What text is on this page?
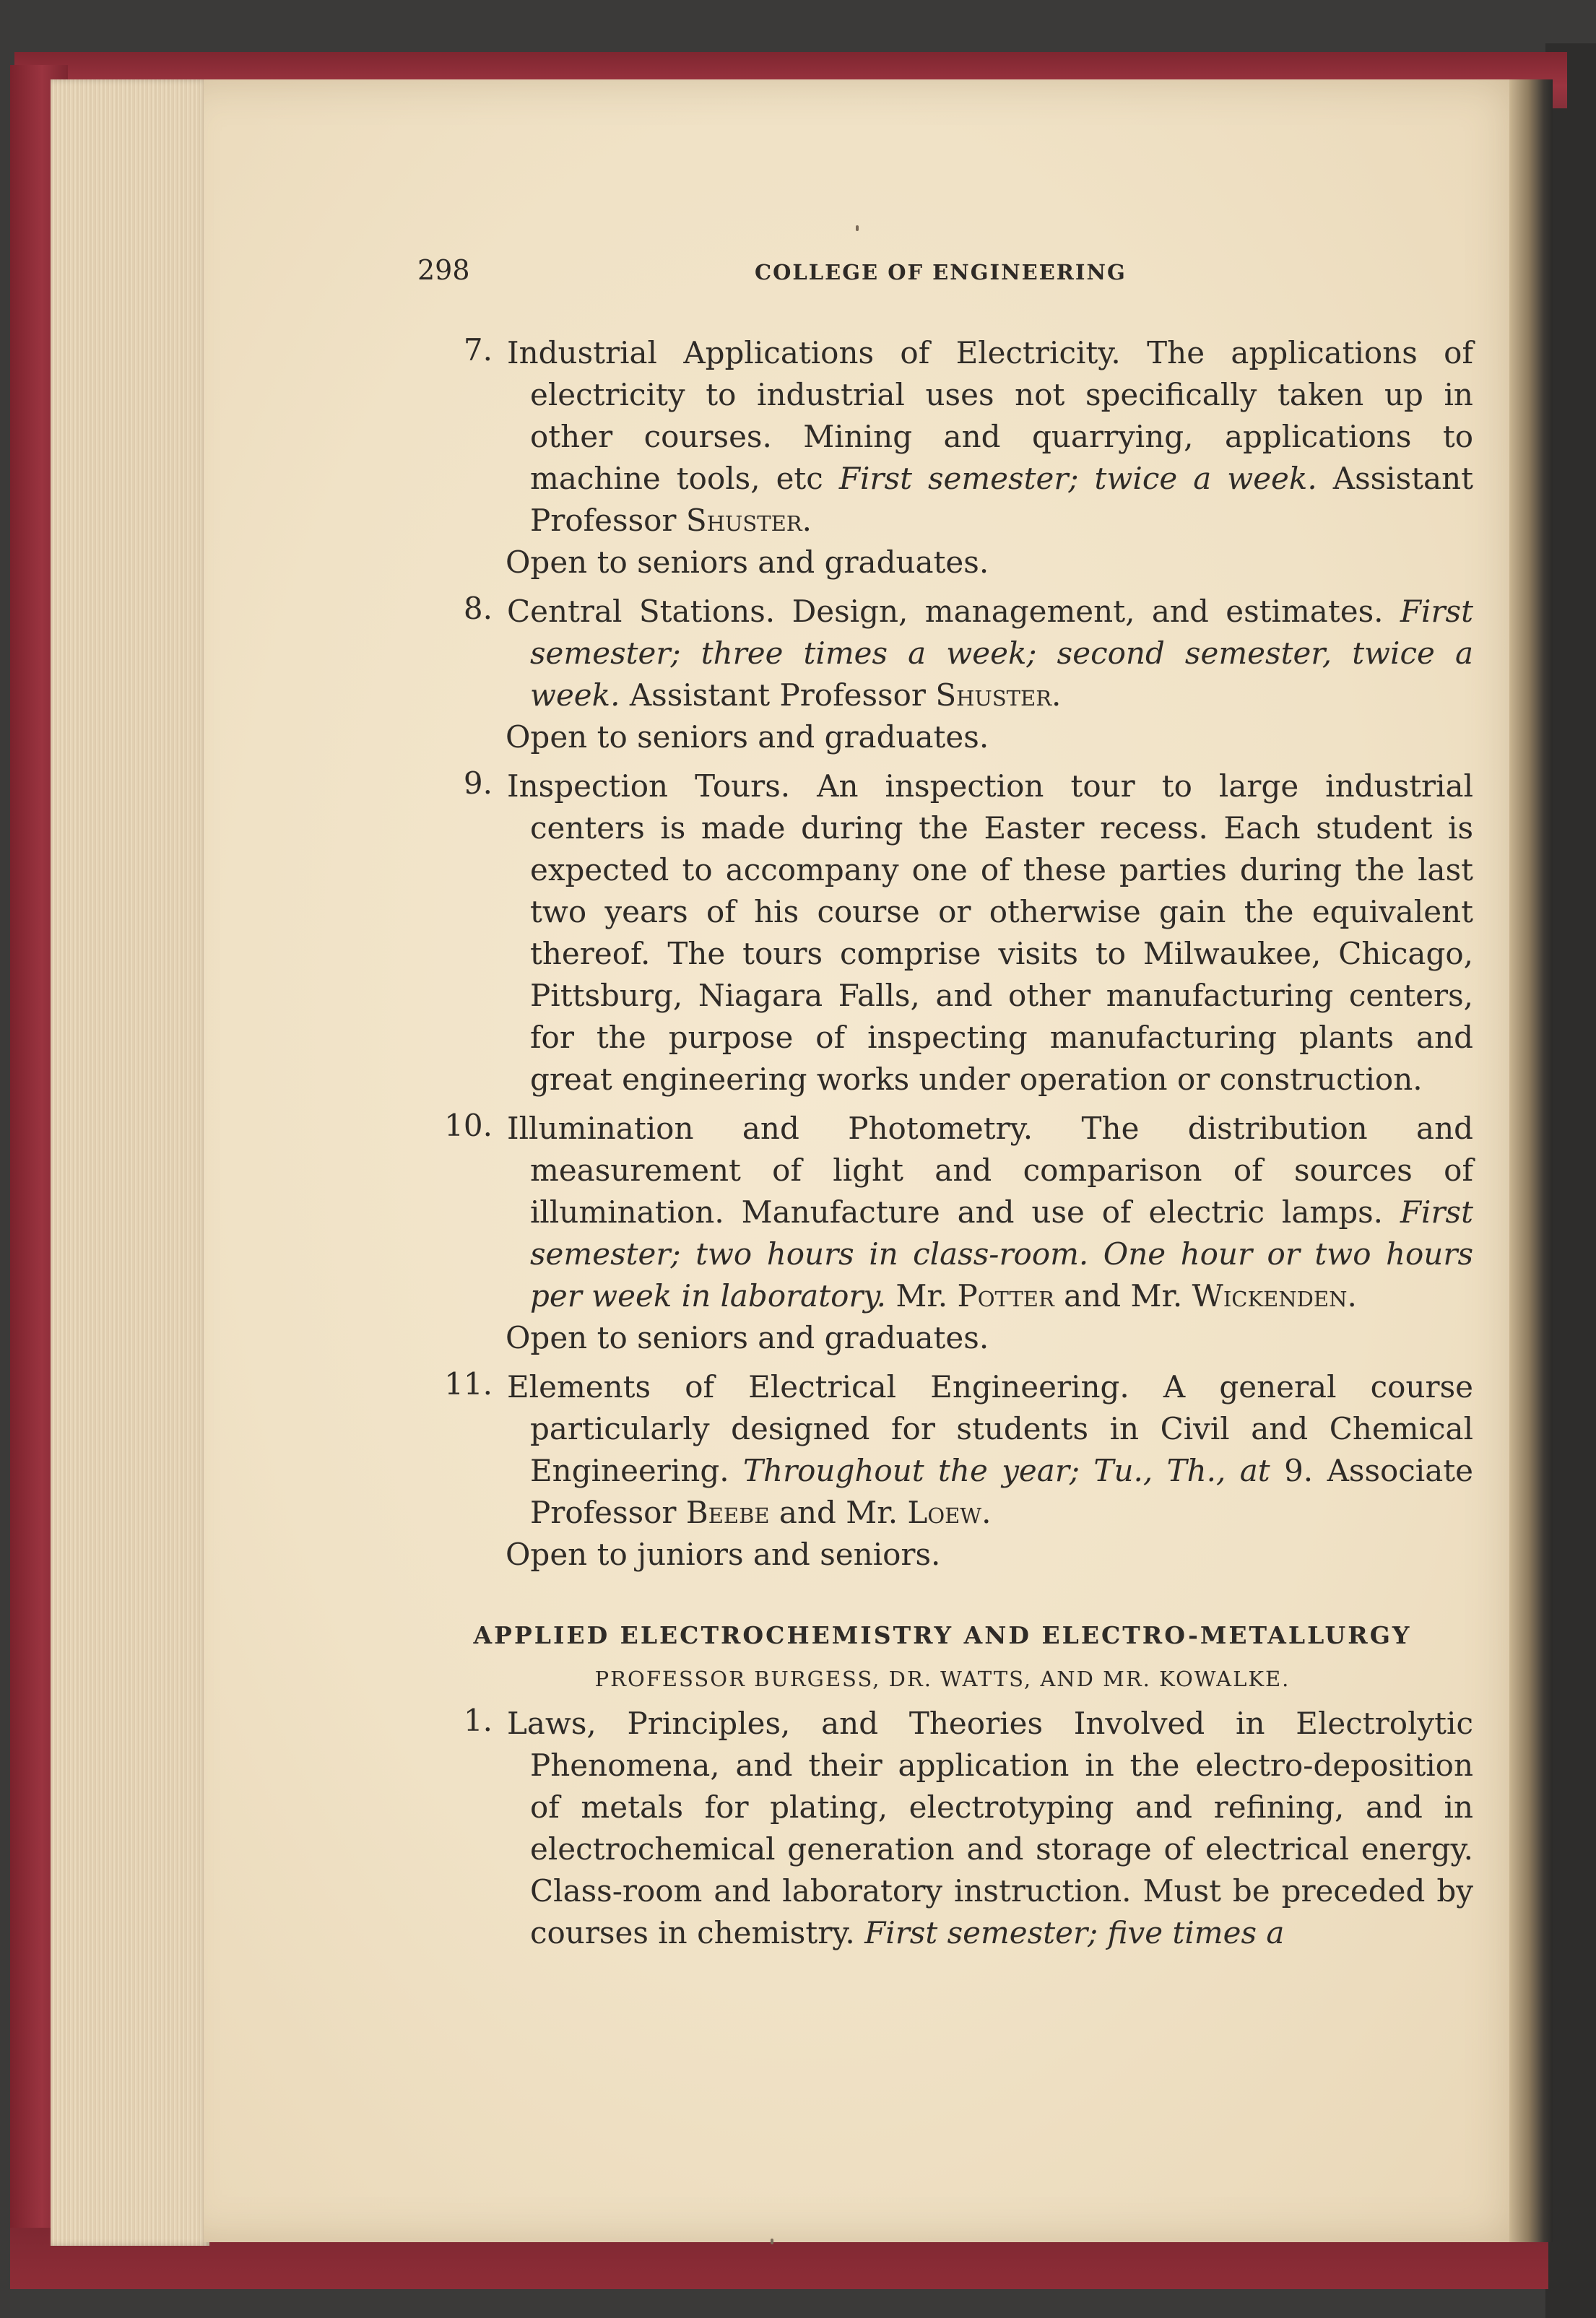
298	COLLEGE OF ENGINEERING
7. Industrial Applications of Electricity. The applications of electricity to industrial uses not specifically taken up in other courses. Mining and quarrying, applications to machine tools, etc First semester; twice a week. Assistant Professor Shuster.
Open to seniors and graduates.
8. Central Stations. Design, management, and estimates. First semester; three times a week; second semester, twice a week. Assistant Professor Shuster.
Open to seniors and graduates.
9. Inspection Tours. An inspection tour to large industrial centers is made during the Easter recess. Each student is expected to accompany one of these parties during the last two years of his course or otherwise gain the equivalent thereof. The tours comprise visits to Milwaukee, Chicago, Pittsburg, Niagara Falls, and other manufacturing centers, for the purpose of inspecting manufacturing plants and great engineering works under operation or construction.
10. Illumination and Photometry. The distribution and measurement of light and comparison of sources of illumination. Manufacture and use of electric lamps. First semester; two hours in class-room. One hour or two hours per week in laboratory. Mr. Potter and Mr. Wickenden.
Open to seniors and graduates.
11. Elements of Electrical Engineering. A general course particularly designed for students in Civil and Chemical Engineering. Throughout the year; Tu., Th., at 9. Associate Professor Beebe and Mr. Loew.
Open to juniors and seniors.
APPLIED ELECTROCHEMISTRY AND ELECTRO-METALLURGY
PROFESSOR BURGESS, DR. WATTS, AND MR. KOWALKE.
1. Laws, Principles, and Theories Involved in Electrolytic Phenomena, and their application in the electro-deposition of metals for plating, electrotyping and refining, and in electrochemical generation and storage of electrical energy. Class-room and laboratory instruction. Must be preceded by courses in chemistry. First semester; five times a
